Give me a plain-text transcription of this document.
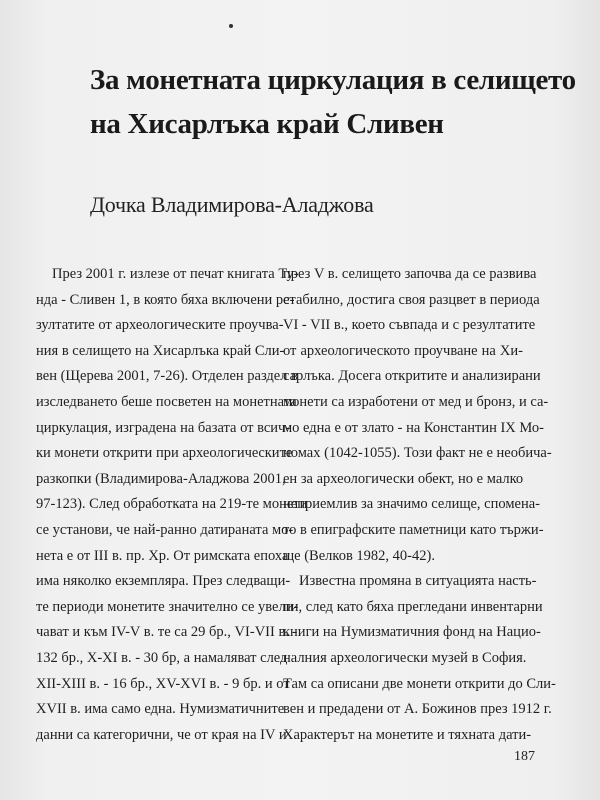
За монетната циркулация в селището
на Хисарлъка край Сливен
Дочка Владимирова-Аладжова
През 2001 г. излезе от печат книгата Ту-
нда - Сливен 1, в която бяха включени ре-
зултатите от археологическите проучва-
ния в селището на Хисарлъка край Сли-
вен (Щерева 2001, 7-26). Отделен раздел в
изследването беше посветен на монетната
циркулация, изградена на базата от всич-
ки монети открити при археологичeските
разкопки (Владимирова-Аладжова 2001,
97-123). След обработката на 219-те монети
се установи, че най-ранно датираната мо-
нета е от III в. пр. Хр. От римската епоха
има няколко екземпляра. През следващи-
те периоди монетите значително се увели-
чават и към IV-V в. те са 29 бр., VI-VII в. -
132 бр., X-XI в. - 30 бр, а намаляват след
XII-XIII в. - 16 бр., XV-XVI в. - 9 бр. и от
XVII в. има само една. Нумизматичните
данни са категорични, че от края на IV и
през V в. селището започва да се развива
стабилно, достига своя разцвет в периода
VI - VII в., което съвпада и с резултатите
от археологическото проучване на Хи-
сарлъка. Досега откритите и анализирани
монети са изработени от мед и бронз, и са-
мо една е от злато - на Константин IX Мо-
номах (1042-1055). Този факт не е необича-
ен за археологически обект, но е малко
неприемлив за значимо селище, споменa-
то в епиграфските паметници като тържи-
ще (Велков 1982, 40-42).
Известна промяна в ситуацията насть-
пи, след като бяха прегледани инвентарни
книги на Нумизматичния фонд на Нацио-
налния археологически музей в София.
Там са описани две монети открити до Сли-
вен и предадени от А. Божинов през 1912 г.
Характерът на монетите и тяхната дати-
187
